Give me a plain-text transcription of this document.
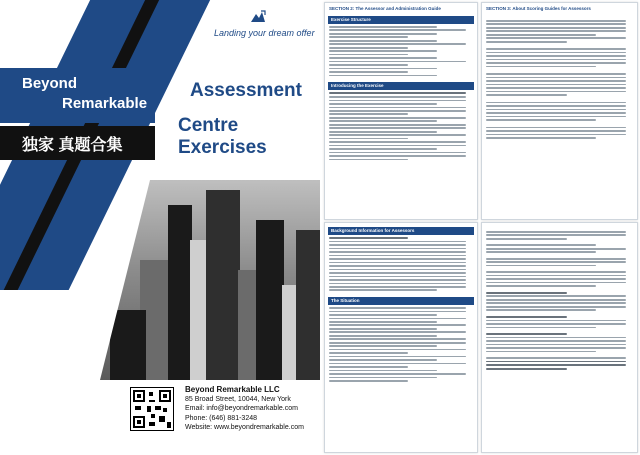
Landing your dream offer
Beyond
Remarkable
独家 真题合集
Assessment
Centre Exercises
Beyond Remarkable LLC
85 Broad Street, 10044, New York
Email: info@beyondremarkable.com
Phone: (646) 881-3248
Website: www.beyondremarkable.com
SECTION 2: The Assessor and Administration Guide
Exercise Structure
Introducing the Exercise
Background Information for Assessors
The Situation
SECTION 3: About Scoring Guides for Assessors
